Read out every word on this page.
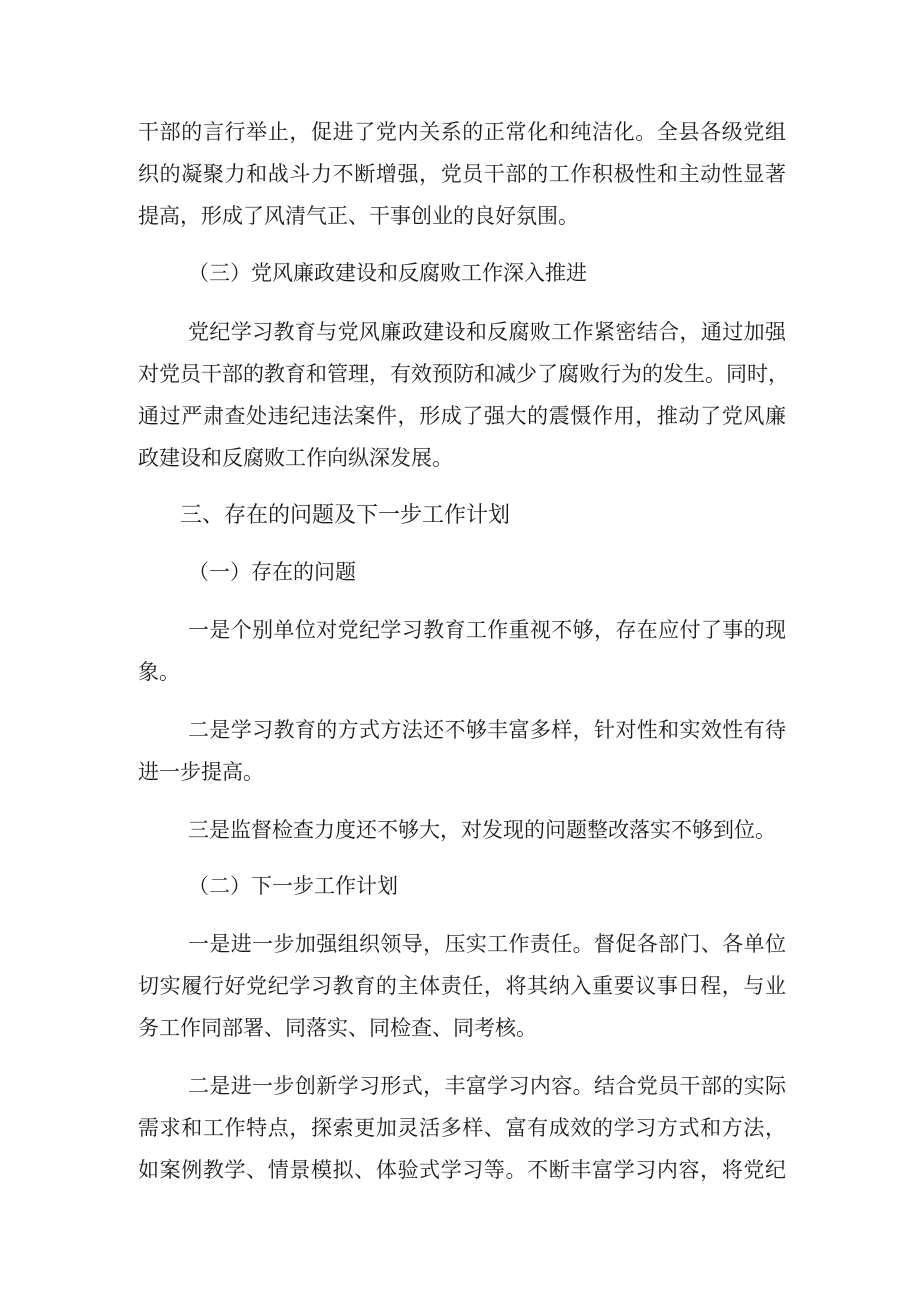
干部的言行举止，促进了党内关系的正常化和纯洁化。全县各级党组
织的凝聚力和战斗力不断增强，党员干部的工作积极性和主动性显著
提高，形成了风清气正、干事创业的良好氛围。
（三）党风廉政建设和反腐败工作深入推进
党纪学习教育与党风廉政建设和反腐败工作紧密结合，通过加强
对党员干部的教育和管理，有效预防和减少了腐败行为的发生。同时，
通过严肃查处违纪违法案件，形成了强大的震慑作用，推动了党风廉
政建设和反腐败工作向纵深发展。
三、存在的问题及下一步工作计划
（一）存在的问题
一是个别单位对党纪学习教育工作重视不够，存在应付了事的现
象。
二是学习教育的方式方法还不够丰富多样，针对性和实效性有待
进一步提高。
三是监督检查力度还不够大，对发现的问题整改落实不够到位。
（二）下一步工作计划
一是进一步加强组织领导，压实工作责任。督促各部门、各单位
切实履行好党纪学习教育的主体责任，将其纳入重要议事日程，与业
务工作同部署、同落实、同检查、同考核。
二是进一步创新学习形式，丰富学习内容。结合党员干部的实际
需求和工作特点，探索更加灵活多样、富有成效的学习方式和方法，
如案例教学、情景模拟、体验式学习等。不断丰富学习内容，将党纪
